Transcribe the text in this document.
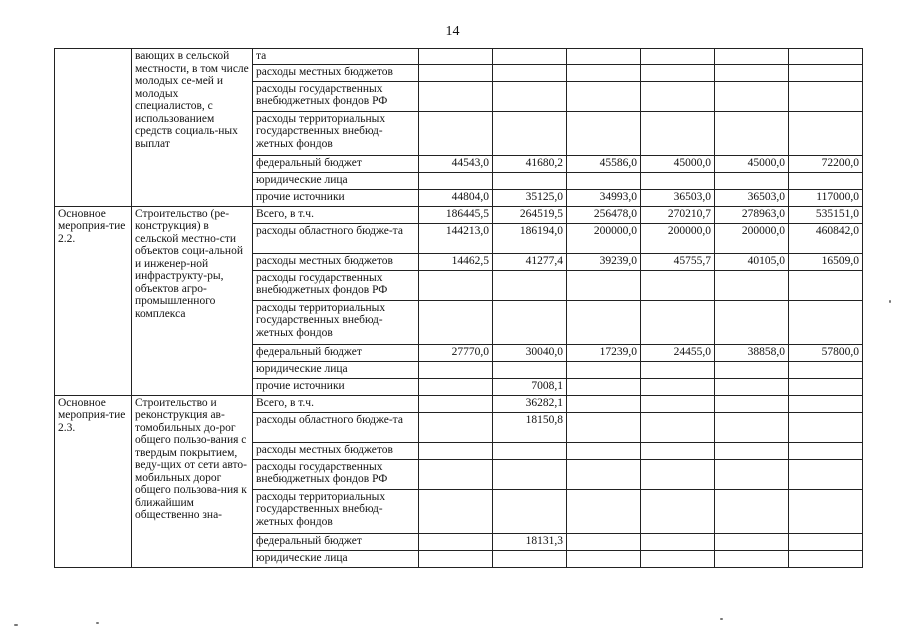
14
	вающих в сельской местности, в том числе молодых се-мей и молодых специалистов, с использованием средств социаль-ных выплат	та						
		расходы местных бюджетов						
		расходы государственных внебюджетных фондов РФ						
		расходы территориальных государственных внебюд-жетных фондов						
		федеральный бюджет	44543,0	41680,2	45586,0	45000,0	45000,0	72200,0
		юридические лица						
		прочие источники	44804,0	35125,0	34993,0	36503,0	36503,0	117000,0
Основное мероприя-тие 2.2.	Строительство (ре-конструкция) в сельской местно-сти объектов соци-альной и инженер-ной инфраструкту-ры, объектов агро-промышленного комплекса	Всего, в т.ч.	186445,5	264519,5	256478,0	270210,7	278963,0	535151,0
		расходы областного бюдже-та	144213,0	186194,0	200000,0	200000,0	200000,0	460842,0
		расходы местных бюджетов	14462,5	41277,4	39239,0	45755,7	40105,0	16509,0
		расходы государственных внебюджетных фондов РФ						
		расходы территориальных государственных внебюд-жетных фондов						
		федеральный бюджет	27770,0	30040,0	17239,0	24455,0	38858,0	57800,0
		юридические лица						
		прочие источники		7008,1				
Основное мероприя-тие 2.3.	Строительство и реконструкция ав-томобильных до-рог общего пользо-вания с твердым покрытием, веду-щих от сети авто-мобильных дорог общего пользова-ния к ближайшим общественно зна-	Всего, в т.ч.		36282,1				
		расходы областного бюдже-та		18150,8				
		расходы местных бюджетов						
		расходы государственных внебюджетных фондов РФ						
		расходы территориальных государственных внебюд-жетных фондов						
		федеральный бюджет		18131,3				
		юридические лица						
